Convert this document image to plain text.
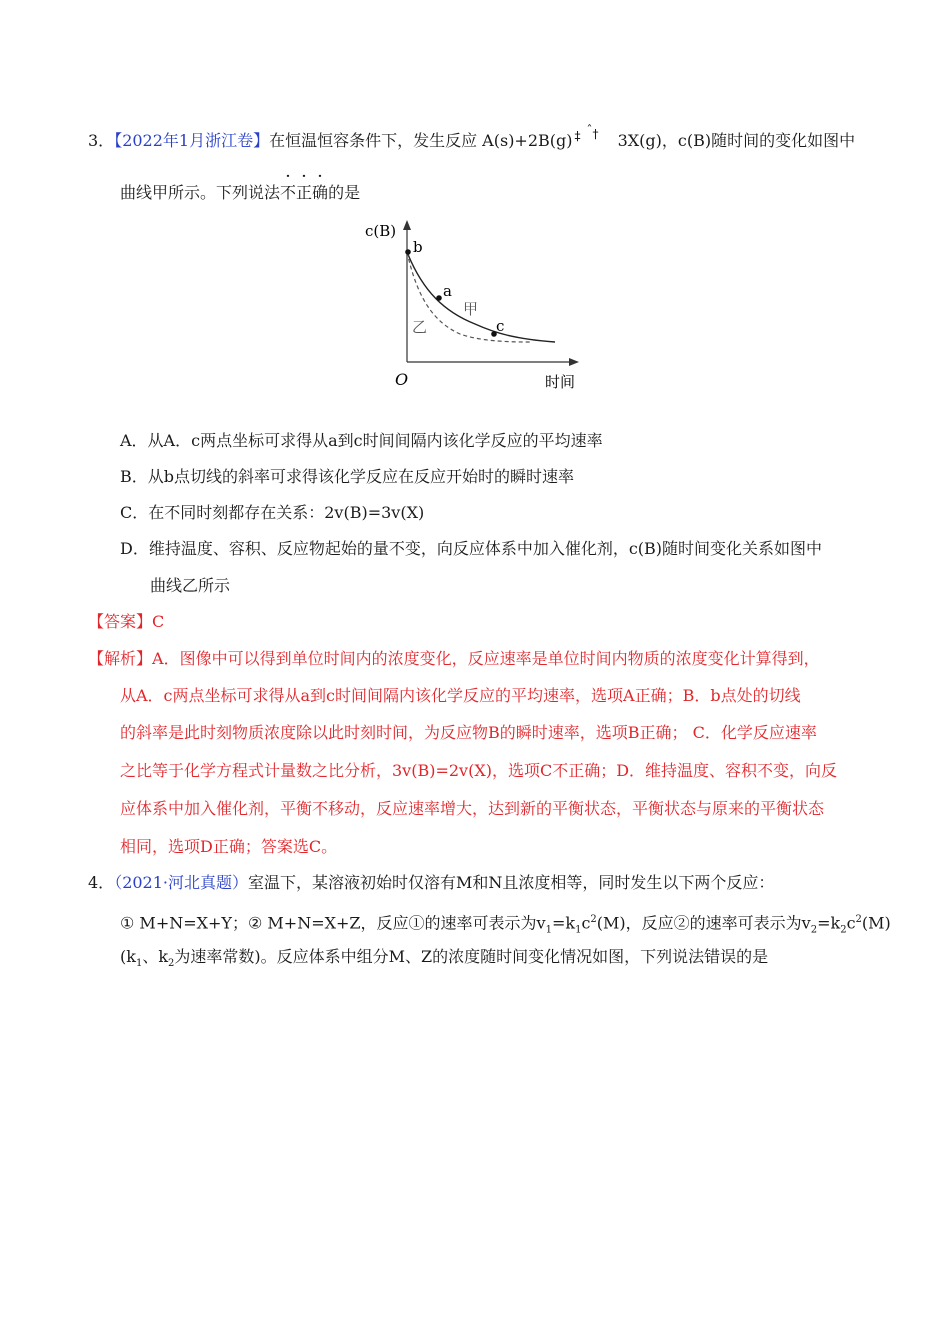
3．【2022年1月浙江卷】在恒温恒容条件下，发生反应 A(s)+2B(g) ‡ ˆ † 3X(g)，c(B)随时间的变化如图中
曲线甲所示。下列说法不正确的是
c(B)
b
a
c
甲
乙
O	时间
A．从A．c两点坐标可求得从a到c时间间隔内该化学反应的平均速率
B．从b点切线的斜率可求得该化学反应在反应开始时的瞬时速率
C．在不同时刻都存在关系：2v(B)=3v(X)
D．维持温度、容积、反应物起始的量不变，向反应体系中加入催化剂，c(B)随时间变化关系如图中
曲线乙所示
【答案】C
【解析】A．图像中可以得到单位时间内的浓度变化，反应速率是单位时间内物质的浓度变化计算得到，
从A．c两点坐标可求得从a到c时间间隔内该化学反应的平均速率，选项A正确；B．b点处的切线
的斜率是此时刻物质浓度除以此时刻时间，为反应物B的瞬时速率，选项B正确； C．化学反应速率
之比等于化学方程式计量数之比分析，3v(B)=2v(X)，选项C不正确；D．维持温度、容积不变，向反
应体系中加入催化剂，平衡不移动，反应速率增大，达到新的平衡状态，平衡状态与原来的平衡状态
相同，选项D正确；答案选C。
4．（2021·河北真题）室温下，某溶液初始时仅溶有M和N且浓度相等，同时发生以下两个反应：
① M+N=X+Y；② M+N=X+Z，反应①的速率可表示为$v_1=k_1c^2(M)$，反应②的速率可表示为$v_2=k_2c^2(M)$
($k_1$、$k_2$为速率常数)。反应体系中组分M、Z的浓度随时间变化情况如图，下列说法错误的是
